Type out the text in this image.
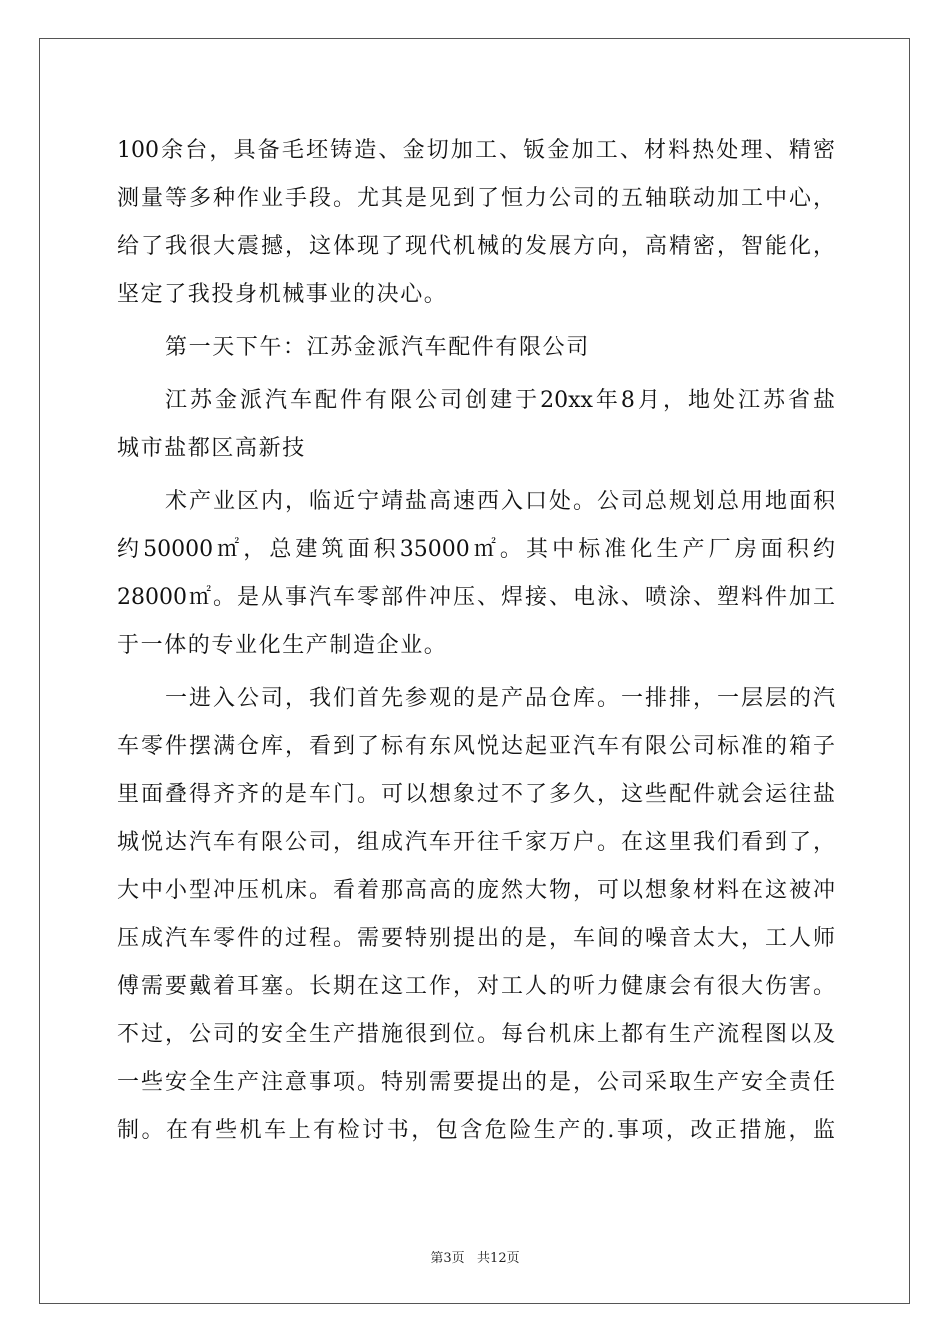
100余台，具备毛坯铸造、金切加工、钣金加工、材料热处理、精密
测量等多种作业手段。尤其是见到了恒力公司的五轴联动加工中心，
给了我很大震撼，这体现了现代机械的发展方向，高精密，智能化，
坚定了我投身机械事业的决心。
第一天下午：江苏金派汽车配件有限公司
江苏金派汽车配件有限公司创建于20xx年8月，地处江苏省盐
城市盐都区高新技
术产业区内，临近宁靖盐高速西入口处。公司总规划总用地面积
约50000㎡，总建筑面积35000㎡。其中标准化生产厂房面积约
28000㎡。是从事汽车零部件冲压、焊接、电泳、喷涂、塑料件加工
于一体的专业化生产制造企业。
一进入公司，我们首先参观的是产品仓库。一排排，一层层的汽
车零件摆满仓库，看到了标有东风悦达起亚汽车有限公司标准的箱子
里面叠得齐齐的是车门。可以想象过不了多久，这些配件就会运往盐
城悦达汽车有限公司，组成汽车开往千家万户。在这里我们看到了，
大中小型冲压机床。看着那高高的庞然大物，可以想象材料在这被冲
压成汽车零件的过程。需要特别提出的是，车间的噪音太大，工人师
傅需要戴着耳塞。长期在这工作，对工人的听力健康会有很大伤害。
不过，公司的安全生产措施很到位。每台机床上都有生产流程图以及
一些安全生产注意事项。特别需要提出的是，公司采取生产安全责任
制。在有些机车上有检讨书，包含危险生产的.事项，改正措施，监
第3页   共12页
